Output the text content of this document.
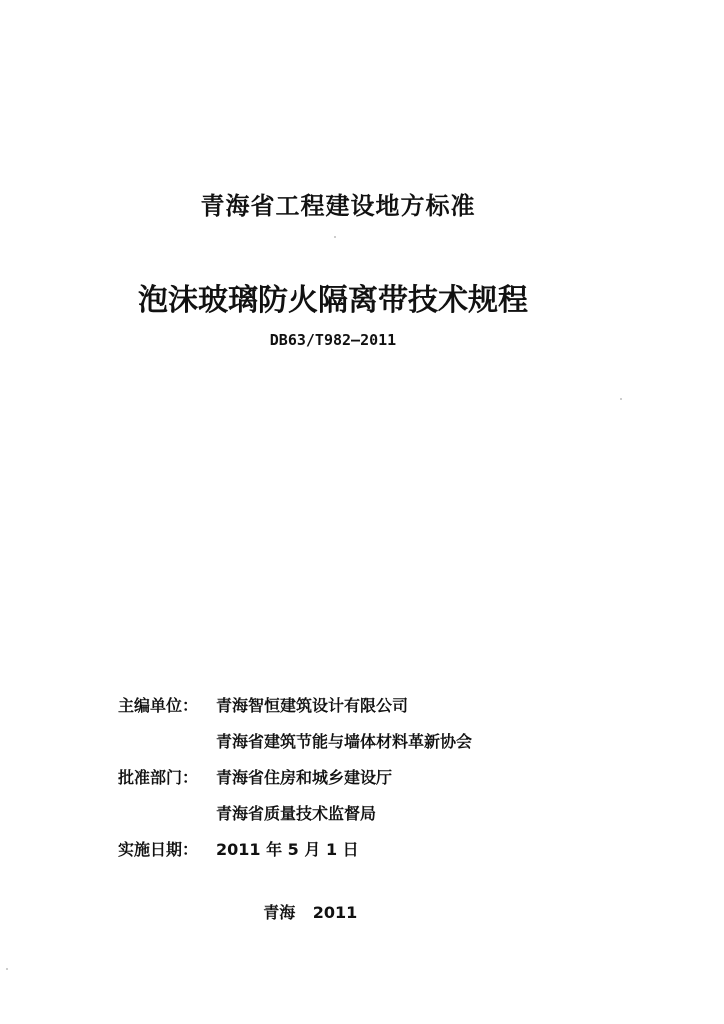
青海省工程建设地方标准
泡沫玻璃防火隔离带技术规程
DB63/T982—2011
主编单位： 青海智恒建筑设计有限公司
青海省建筑节能与墙体材料革新协会
批准部门： 青海省住房和城乡建设厅
青海省质量技术监督局
实施日期： 2011 年 5 月 1 日
2011青海
